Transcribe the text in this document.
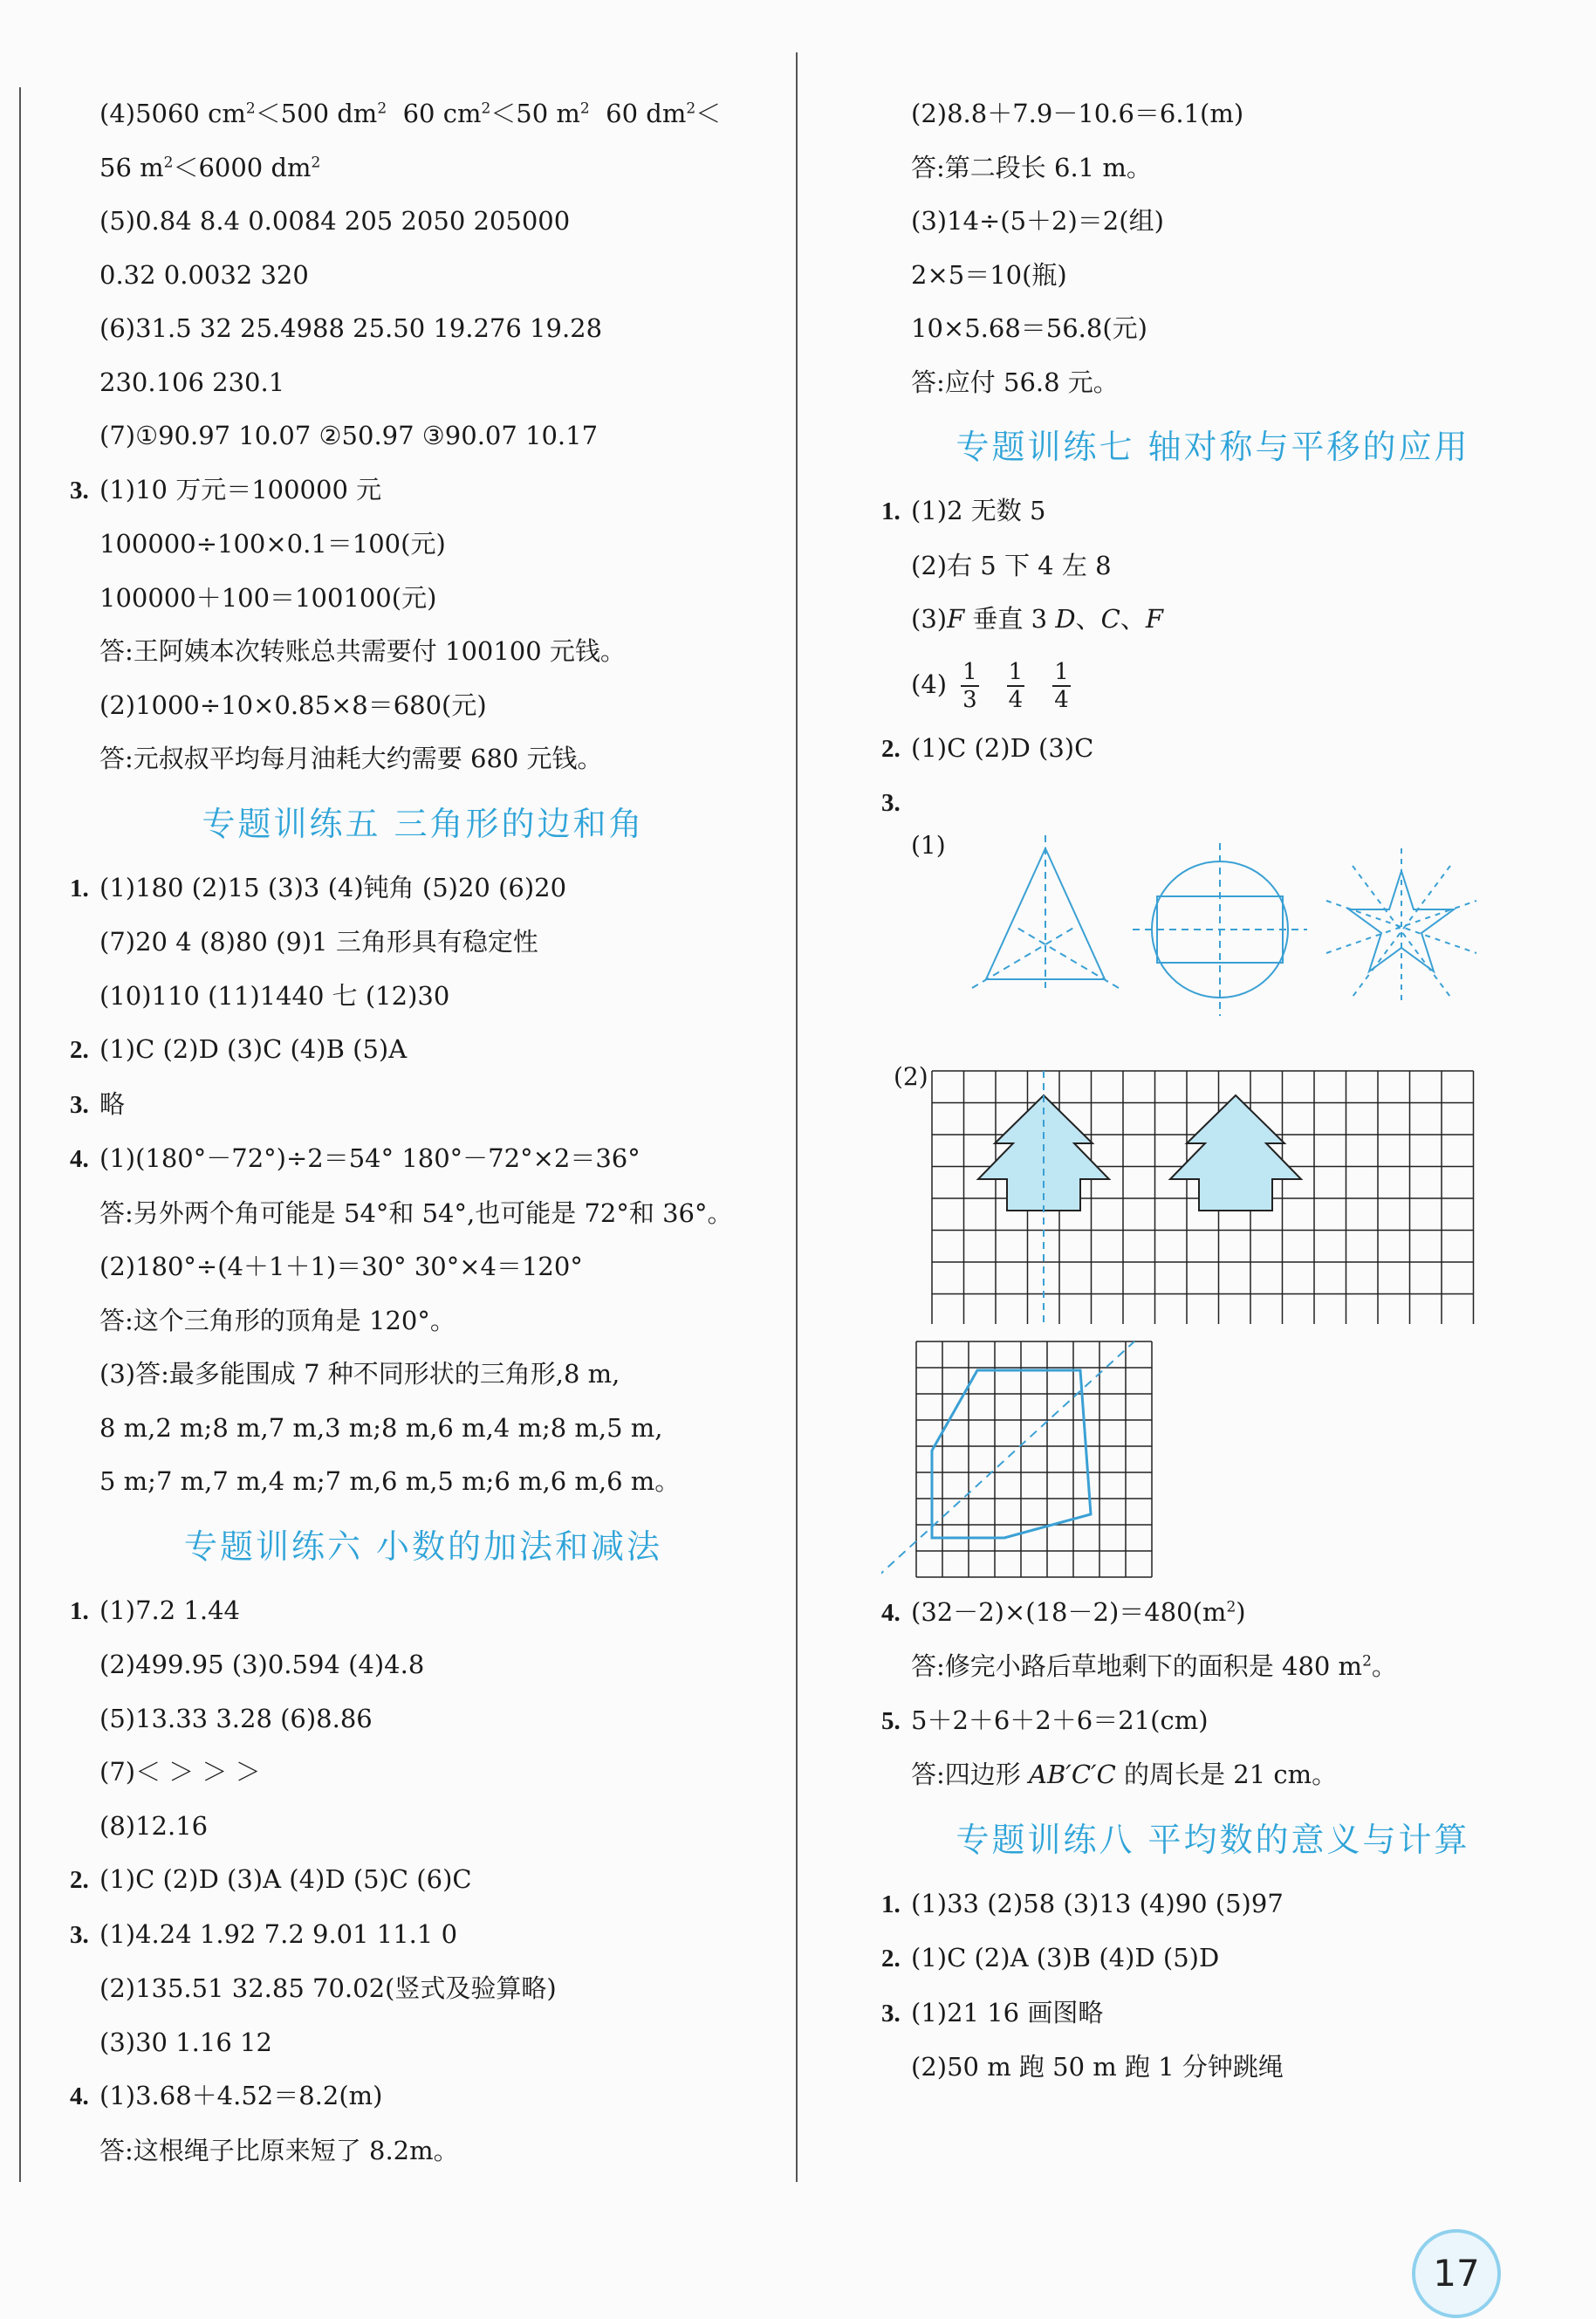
(4)5060 $cm^2<500$ $dm^2$  60 $cm^2<50$ $m^2$  60 $dm^2<$
56 $m^2<6000$ $dm^2$
(5)0.84 8.4 0.0084 205 2050 205000
0.32 0.0032 320
(6)31.5 32 25.4988 25.50 19.276 19.28
230.106 230.1
(7)①90.97 10.07 ②50.97 ③90.07 10.17
3. (1)10 万元＝100000 元
100000÷100×0.1＝100(元)
100000＋100＝100100(元)
答:王阿姨本次转账总共需要付 100100 元钱。
(2)1000÷10×0.85×8＝680(元)
答:元叔叔平均每月油耗大约需要 680 元钱。
专题训练五 三角形的边和角
1. (1)180 (2)15 (3)3 (4)钝角 (5)20 (6)20
(7)20 4 (8)80 (9)1 三角形具有稳定性
(10)110 (11)1440 七 (12)30
2. (1)C (2)D (3)C (4)B (5)A
3. 略
4. (1)(180°－72°)÷2＝54° 180°－72°×2＝36°
答:另外两个角可能是 54°和 54°,也可能是 72°和 36°。
(2)180°÷(4＋1＋1)＝30° 30°×4＝120°
答:这个三角形的顶角是 120°。
(3)答:最多能围成 7 种不同形状的三角形,8 m,
8 m,2 m;8 m,7 m,3 m;8 m,6 m,4 m;8 m,5 m,
5 m;7 m,7 m,4 m;7 m,6 m,5 m;6 m,6 m,6 m。
专题训练六 小数的加法和减法
1. (1)7.2 1.44
(2)499.95 (3)0.594 (4)4.8
(5)13.33 3.28 (6)8.86
(7)＜ ＞ ＞ ＞
(8)12.16
2. (1)C (2)D (3)A (4)D (5)C (6)C
3. (1)4.24 1.92 7.2 9.01 11.1 0
(2)135.51 32.85 70.02(竖式及验算略)
(3)30 1.16 12
4. (1)3.68＋4.52＝8.2(m)
答:这根绳子比原来短了 8.2m。
(2)8.8＋7.9－10.6＝6.1(m)
答:第二段长 6.1 m。
(3)14÷(5＋2)＝2(组)
2×5＝10(瓶)
10×5.68＝56.8(元)
答:应付 56.8 元。
专题训练七 轴对称与平移的应用
1. (1)2 无数 5
(2)右 5 下 4 左 8
(3)F 垂直 3 D、C、F
$(4) \frac{1}{3} \frac{1}{4} \frac{1}{4}$
2. (1)C (2)D (3)C
3.
(1)
(2)
4. $(32-2)\times(18-2)=480(m^2)$
答:修完小路后草地剩下的面积是 480 $m^2$。
5. 5＋2＋6＋2＋6＝21(cm)
答:四边形 AB′C′C 的周长是 21 cm。
专题训练八 平均数的意义与计算
1. (1)33 (2)58 (3)13 (4)90 (5)97
2. (1)C (2)A (3)B (4)D (5)D
3. (1)21 16 画图略
(2)50 m 跑 50 m 跑 1 分钟跳绳
17
